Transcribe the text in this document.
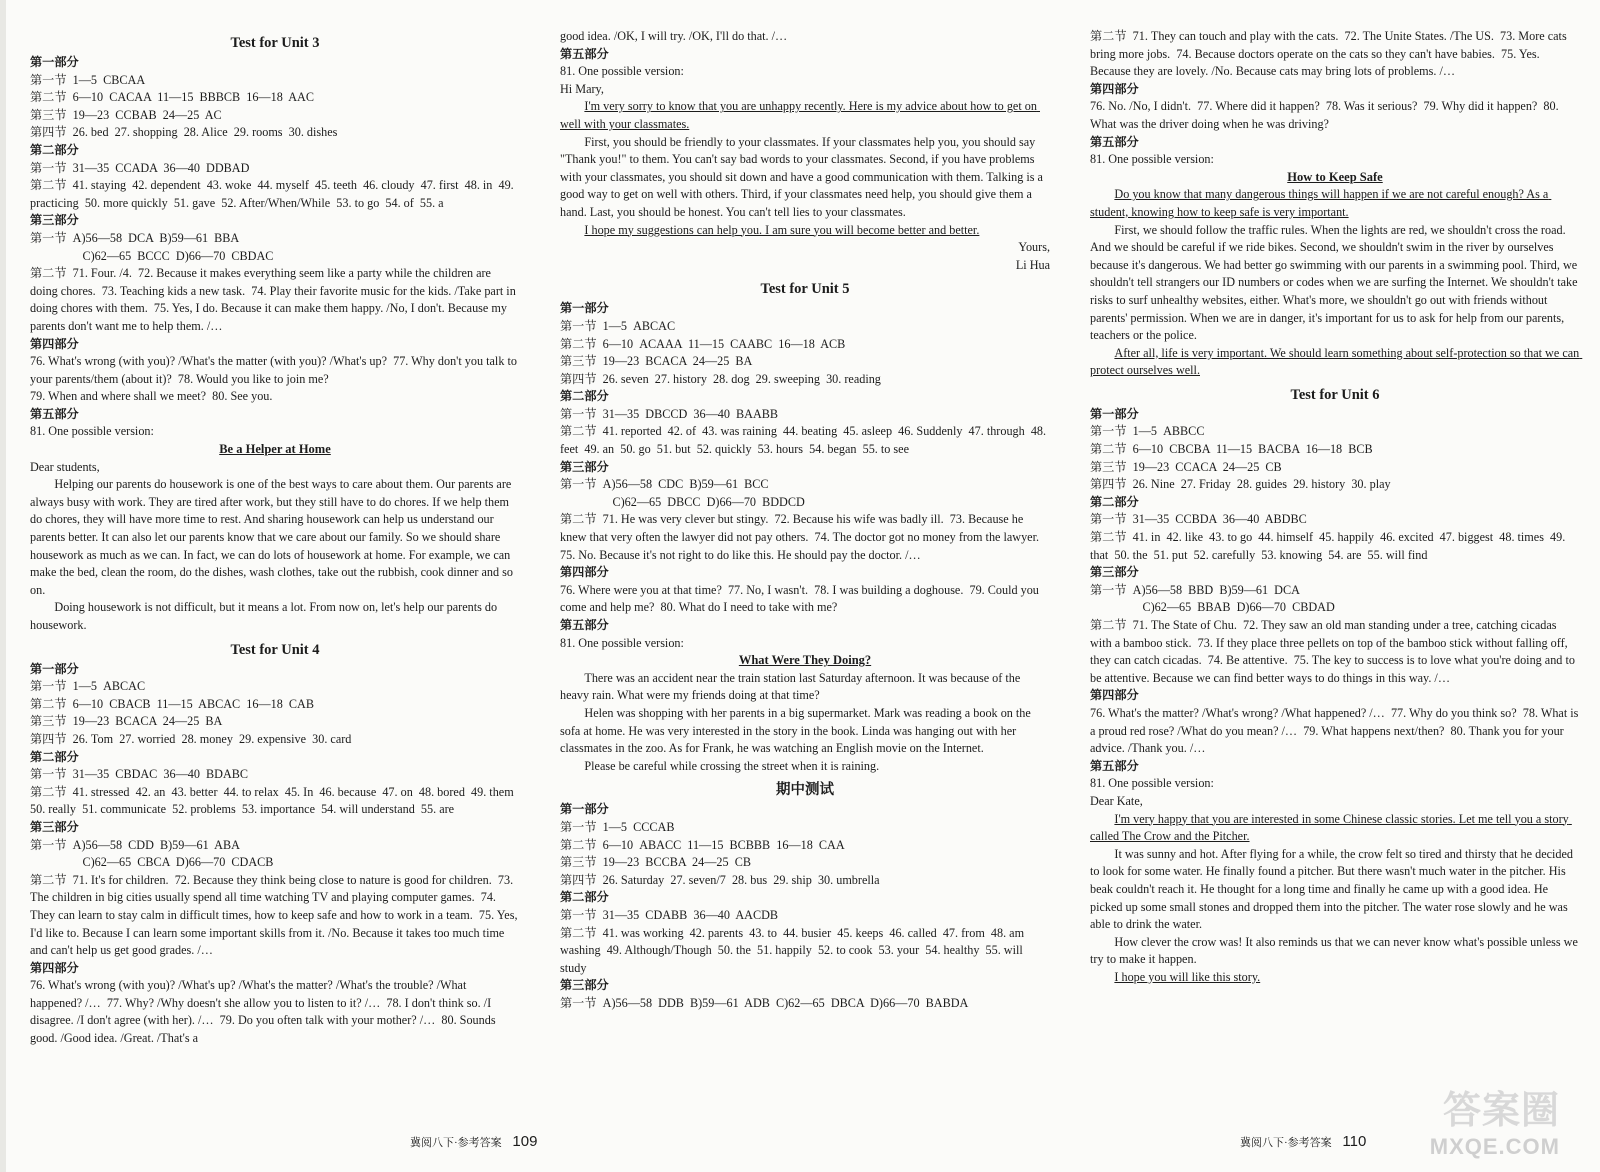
Test for Unit 3
第一部分
第一节  1—5  CBCAA
第二节  6—10  CACAA  11—15  BBBCB  16—18  AAC
第三节  19—23  CCBAB  24—25  AC
第四节  26. bed  27. shopping  28. Alice  29. rooms  30. dishes
第二部分
第一节  31—35  CCADA  36—40  DDBAD
第二节  41. staying  42. dependent  43. woke  44. myself  45. teeth  46. cloudy  47. first  48. in  49. practicing  50. more quickly  51. gave  52. After/When/While  53. to go  54. of  55. a
第三部分
第一节  A)56—58  DCA  B)59—61  BBA
C)62—65  BCCC  D)66—70  CBDAC
第二节  71. Four. /4.  72. Because it makes everything seem like a party while the children are doing chores.  73. Teaching kids a new task.  74. Play their favorite music for the kids. /Take part in doing chores with them.  75. Yes, I do. Because it can make them happy. /No, I don't. Because my parents don't want me to help them. /…
第四部分
76. What's wrong (with you)? /What's the matter (with you)? /What's up?  77. Why don't you talk to your parents/them (about it)?  78. Would you like to join me?
79. When and where shall we meet?  80. See you.
第五部分
81. One possible version:
Be a Helper at Home
Dear students,
Helping our parents do housework is one of the best ways to care about them. Our parents are always busy with work. They are tired after work, but they still have to do chores. If we help them do chores, they will have more time to rest. And sharing housework can help us understand our parents better. It can also let our parents know that we care about our family. So we should share housework as much as we can. In fact, we can do lots of housework at home. For example, we can make the bed, clean the room, do the dishes, wash clothes, take out the rubbish, cook dinner and so on.
Doing housework is not difficult, but it means a lot. From now on, let's help our parents do housework.
Test for Unit 4
第一部分
第一节  1—5  ABCAC
第二节  6—10  CBACB  11—15  ABCAC  16—18  CAB
第三节  19—23  BCACA  24—25  BA
第四节  26. Tom  27. worried  28. money  29. expensive  30. card
第二部分
第一节  31—35  CBDAC  36—40  BDABC
第二节  41. stressed  42. an  43. better  44. to relax  45. In  46. because  47. on  48. bored  49. them  50. really  51. communicate  52. problems  53. importance  54. will understand  55. are
第三部分
第一节  A)56—58  CDD  B)59—61  ABA
C)62—65  CBCA  D)66—70  CDACB
第二节  71. It's for children.  72. Because they think being close to nature is good for children.  73. The children in big cities usually spend all time watching TV and playing computer games.  74. They can learn to stay calm in difficult times, how to keep safe and how to work in a team.  75. Yes, I'd like to. Because I can learn some important skills from it. /No. Because it takes too much time and can't help us get good grades. /…
第四部分
76. What's wrong (with you)? /What's up? /What's the matter? /What's the trouble? /What happened? /…  77. Why? /Why doesn't she allow you to listen to it? /…  78. I don't think so. /I disagree. /I don't agree (with her). /…  79. Do you often talk with your mother? /…  80. Sounds good. /Good idea. /Great. /That's a
good idea. /OK, I will try. /OK, I'll do that. /…
第五部分
81. One possible version:
Hi Mary,
I'm very sorry to know that you are unhappy recently. Here is my advice about how to get on well with your classmates.
First, you should be friendly to your classmates. If your classmates help you, you should say "Thank you!" to them. You can't say bad words to your classmates. Second, if you have problems with your classmates, you should sit down and have a good communication with them. Talking is a good way to get on well with others. Third, if your classmates need help, you should give them a hand. Last, you should be honest. You can't tell lies to your classmates.
I hope my suggestions can help you. I am sure you will become better and better.
Yours,
Li Hua
Test for Unit 5
第一部分
第一节  1—5  ABCAC
第二节  6—10  ACAAA  11—15  CAABC  16—18  ACB
第三节  19—23  BCACA  24—25  BA
第四节  26. seven  27. history  28. dog  29. sweeping  30. reading
第二部分
第一节  31—35  DBCCD  36—40  BAABB
第二节  41. reported  42. of  43. was raining  44. beating  45. asleep  46. Suddenly  47. through  48. feet  49. an  50. go  51. but  52. quickly  53. hours  54. began  55. to see
第三部分
第一节  A)56—58  CDC  B)59—61  BCC
C)62—65  DBCC  D)66—70  BDDCD
第二节  71. He was very clever but stingy.  72. Because his wife was badly ill.  73. Because he knew that very often the lawyer did not pay others.  74. The doctor got no money from the lawyer.  75. No. Because it's not right to do like this. He should pay the doctor. /…
第四部分
76. Where were you at that time?  77. No, I wasn't.  78. I was building a doghouse.  79. Could you come and help me?  80. What do I need to take with me?
第五部分
81. One possible version:
What Were They Doing?
There was an accident near the train station last Saturday afternoon. It was because of the heavy rain. What were my friends doing at that time?
Helen was shopping with her parents in a big supermarket. Mark was reading a book on the sofa at home. He was very interested in the story in the book. Linda was hanging out with her classmates in the zoo. As for Frank, he was watching an English movie on the Internet.
Please be careful while crossing the street when it is raining.
期中测试
第一部分
第一节  1—5  CCCAB
第二节  6—10  ABACC  11—15  BCBBB  16—18  CAA
第三节  19—23  BCCBA  24—25  CB
第四节  26. Saturday  27. seven/7  28. bus  29. ship  30. umbrella
第二部分
第一节  31—35  CDABB  36—40  AACDB
第二节  41. was working  42. parents  43. to  44. busier  45. keeps  46. called  47. from  48. am washing  49. Although/Though  50. the  51. happily  52. to cook  53. your  54. healthy  55. will study
第三部分
第一节  A)56—58  DDB  B)59—61  ADB  C)62—65  DBCA  D)66—70  BABDA
第二节  71. They can touch and play with the cats.  72. The Unite States. /The US.  73. More cats bring more jobs.  74. Because doctors operate on the cats so they can't have babies.  75. Yes. Because they are lovely. /No. Because cats may bring lots of problems. /…
第四部分
76. No. /No, I didn't.  77. Where did it happen?  78. Was it serious?  79. Why did it happen?  80. What was the driver doing when he was driving?
第五部分
81. One possible version:
How to Keep Safe
Do you know that many dangerous things will happen if we are not careful enough? As a student, knowing how to keep safe is very important.
First, we should follow the traffic rules. When the lights are red, we shouldn't cross the road. And we should be careful if we ride bikes. Second, we shouldn't swim in the river by ourselves because it's dangerous. We had better go swimming with our parents in a swimming pool. Third, we shouldn't tell strangers our ID numbers or codes when we are surfing the Internet. We shouldn't take risks to surf unhealthy websites, either. What's more, we shouldn't go out with friends without parents' permission. When we are in danger, it's important for us to ask for help from our parents, teachers or the police.
After all, life is very important. We should learn something about self-protection so that we can protect ourselves well.
Test for Unit 6
第一部分
第一节  1—5  ABBCC
第二节  6—10  CBCBA  11—15  BACBA  16—18  BCB
第三节  19—23  CCACA  24—25  CB
第四节  26. Nine  27. Friday  28. guides  29. history  30. play
第二部分
第一节  31—35  CCBDA  36—40  ABDBC
第二节  41. in  42. like  43. to go  44. himself  45. happily  46. excited  47. biggest  48. times  49. that  50. the  51. put  52. carefully  53. knowing  54. are  55. will find
第三部分
第一节  A)56—58  BBD  B)59—61  DCA
C)62—65  BBAB  D)66—70  CBDAD
第二节  71. The State of Chu.  72. They saw an old man standing under a tree, catching cicadas with a bamboo stick.  73. If they place three pellets on top of the bamboo stick without falling off, they can catch cicadas.  74. Be attentive.  75. The key to success is to love what you're doing and to be attentive. Because we can find better ways to do things in this way. /…
第四部分
76. What's the matter? /What's wrong? /What happened? /…  77. Why do you think so?  78. What is a proud red rose? /What do you mean? /…  79. What happens next/then?  80. Thank you for your advice. /Thank you. /…
第五部分
81. One possible version:
Dear Kate,
I'm very happy that you are interested in some Chinese classic stories. Let me tell you a story called The Crow and the Pitcher.
It was sunny and hot. After flying for a while, the crow felt so tired and thirsty that he decided to look for some water. He finally found a pitcher. But there wasn't much water in the pitcher. His beak couldn't reach it. He thought for a long time and finally he came up with a good idea. He picked up some small stones and dropped them into the pitcher. The water rose slowly and he was able to drink the water.
How clever the crow was! It also reminds us that we can never know what's possible unless we try to make it happen.
I hope you will like this story.
冀阅八下·参考答案 109	冀阅八下·参考答案 110
答案圈
MXQE.COM
